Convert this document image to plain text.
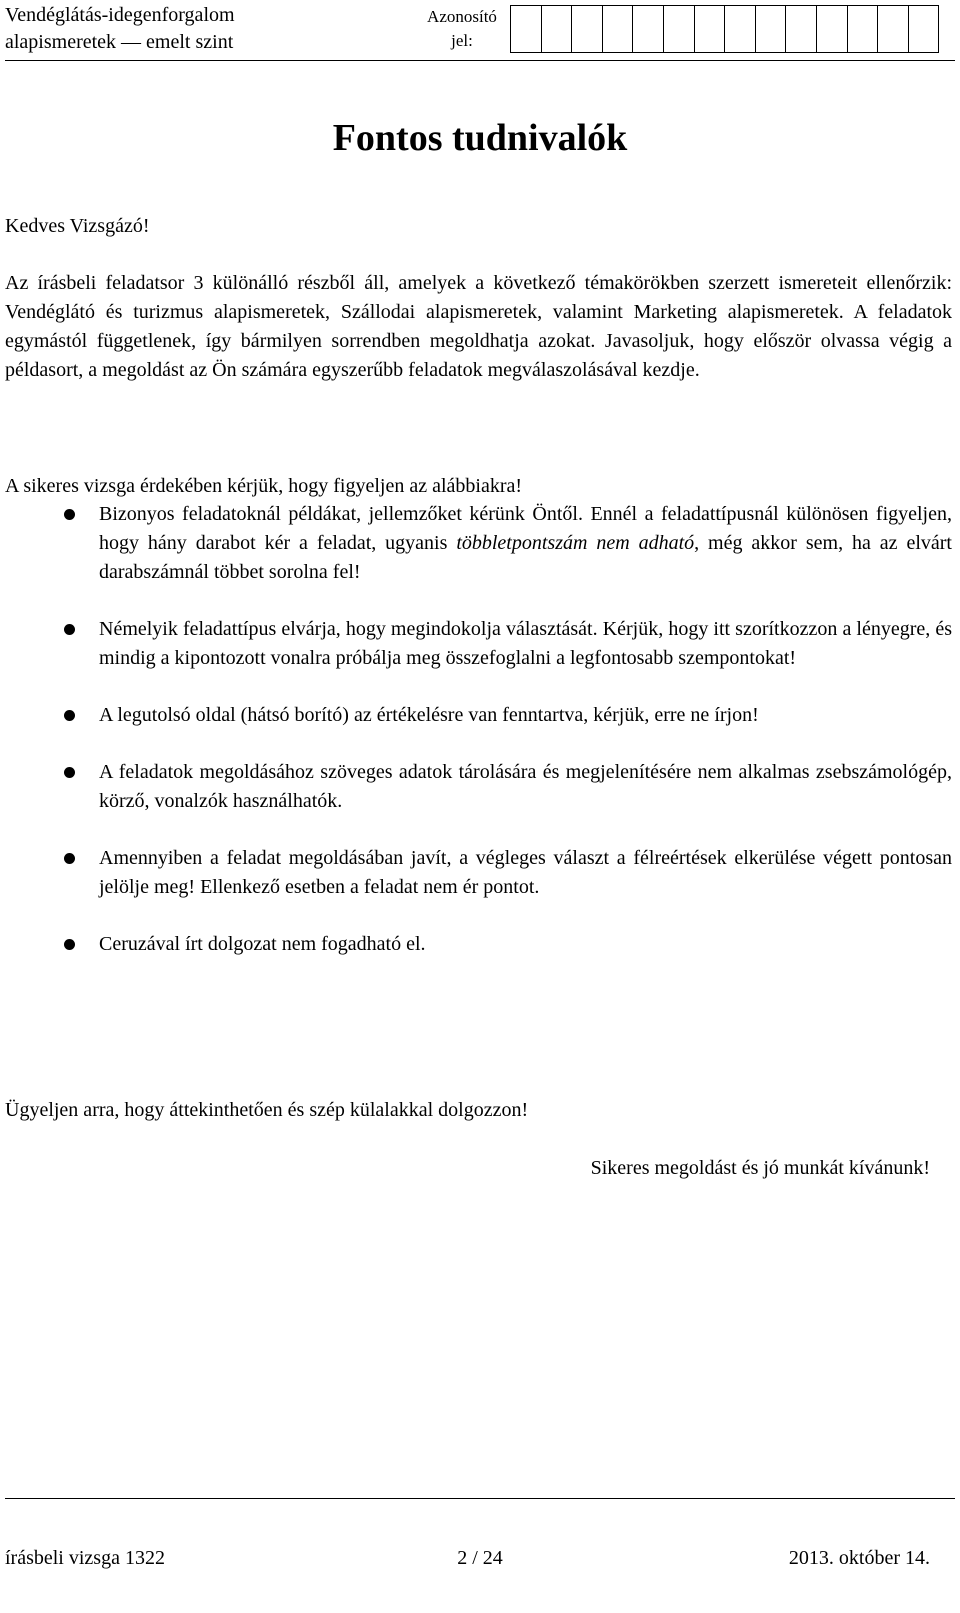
Vendéglátás-idegenforgalom
alapismeretek — emelt szint
Azonosító
jel:
Fontos tudnivalók
Kedves Vizsgázó!
Az írásbeli feladatsor 3 különálló részből áll, amelyek a következő témakörökben szerzett ismereteit ellenőrzik: Vendéglátó és turizmus alapismeretek, Szállodai alapismeretek, valamint Marketing alapismeretek. A feladatok egymástól függetlenek, így bármilyen sorrendben megoldhatja azokat. Javasoljuk, hogy először olvassa végig a példasort, a megoldást az Ön számára egyszerűbb feladatok megválaszolásával kezdje.
A sikeres vizsga érdekében kérjük, hogy figyeljen az alábbiakra!
Bizonyos feladatoknál példákat, jellemzőket kérünk Öntől. Ennél a feladattípusnál különösen figyeljen, hogy hány darabot kér a feladat, ugyanis többletpontszám nem adható, még akkor sem, ha az elvárt darabszámnál többet sorolna fel!
Némelyik feladattípus elvárja, hogy megindokolja választását. Kérjük, hogy itt szorítkozzon a lényegre, és mindig a kipontozott vonalra próbálja meg összefoglalni a legfontosabb szempontokat!
A legutolsó oldal (hátsó borító) az értékelésre van fenntartva, kérjük, erre ne írjon!
A feladatok megoldásához szöveges adatok tárolására és megjelenítésére nem alkalmas zsebszámológép, körző, vonalzók használhatók.
Amennyiben a feladat megoldásában javít, a végleges választ a félreértések elkerülése végett pontosan jelölje meg! Ellenkező esetben a feladat nem ér pontot.
Ceruzával írt dolgozat nem fogadható el.
Ügyeljen arra, hogy áttekinthetően és szép külalakkal dolgozzon!
Sikeres megoldást és jó munkát kívánunk!
írásbeli vizsga 1322	2 / 24	2013. október 14.
